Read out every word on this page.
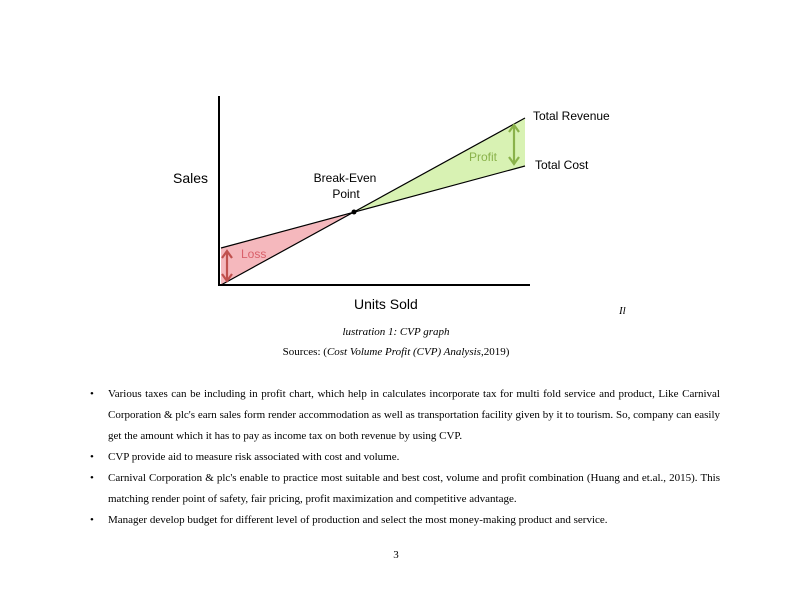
Sales
Units Sold
Total Revenue
Total Cost
Break-Even
Point
Profit
Loss
Il
lustration 1: CVP graph
Sources: (Cost Volume Profit (CVP) Analysis,2019)
• Various taxes can be including in profit chart, which help in calculates incorporate tax for multi fold service and product, Like Carnival Corporation & plc's earn sales form render accommodation as well as transportation facility given by it to tourism. So, company can easily get the amount which it has to pay as income tax on both revenue by using CVP.
• CVP provide aid to measure risk associated with cost and volume.
• Carnival Corporation & plc's enable to practice most suitable and best cost, volume and profit combination (Huang and et.al., 2015). This matching render point of safety, fair pricing, profit maximization and competitive advantage.
• Manager develop budget for different level of production and select the most money-making product and service.
3
